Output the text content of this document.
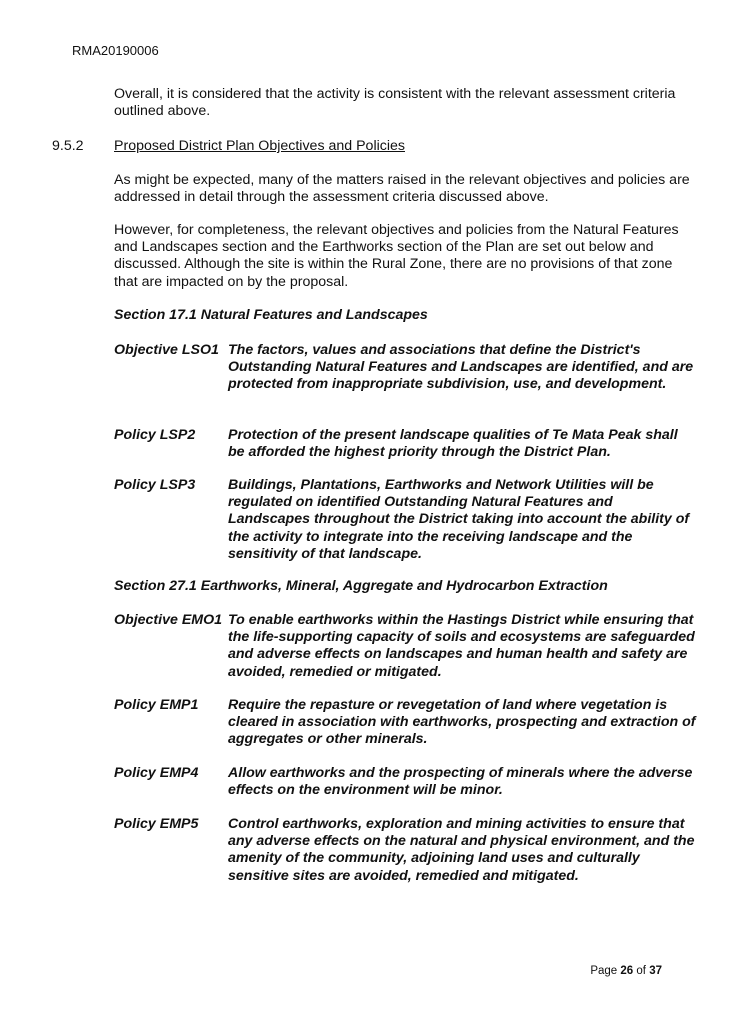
RMA20190006

Overall, it is considered that the activity is consistent with the relevant assessment criteria outlined above.

9.5.2 Proposed District Plan Objectives and Policies

As might be expected, many of the matters raised in the relevant objectives and policies are addressed in detail through the assessment criteria discussed above.

However, for completeness, the relevant objectives and policies from the Natural Features and Landscapes section and the Earthworks section of the Plan are set out below and discussed. Although the site is within the Rural Zone, there are no provisions of that zone that are impacted on by the proposal.

Section 17.1 Natural Features and Landscapes
Objective LSO1 The factors, values and associations that define the District's Outstanding Natural Features and Landscapes are identified, and are protected from inappropriate subdivision, use, and development.
Policy LSP2 Protection of the present landscape qualities of Te Mata Peak shall be afforded the highest priority through the District Plan.
Policy LSP3 Buildings, Plantations, Earthworks and Network Utilities will be regulated on identified Outstanding Natural Features and Landscapes throughout the District taking into account the ability of the activity to integrate into the receiving landscape and the sensitivity of that landscape.
Section 27.1 Earthworks, Mineral, Aggregate and Hydrocarbon Extraction
Objective EMO1 To enable earthworks within the Hastings District while ensuring that the life-supporting capacity of soils and ecosystems are safeguarded and adverse effects on landscapes and human health and safety are avoided, remedied or mitigated.
Policy EMP1 Require the repasture or revegetation of land where vegetation is cleared in association with earthworks, prospecting and extraction of aggregates or other minerals.
Policy EMP4 Allow earthworks and the prospecting of minerals where the adverse effects on the environment will be minor.
Policy EMP5 Control earthworks, exploration and mining activities to ensure that any adverse effects on the natural and physical environment, and the amenity of the community, adjoining land uses and culturally sensitive sites are avoided, remedied and mitigated.
Page 26 of 37
